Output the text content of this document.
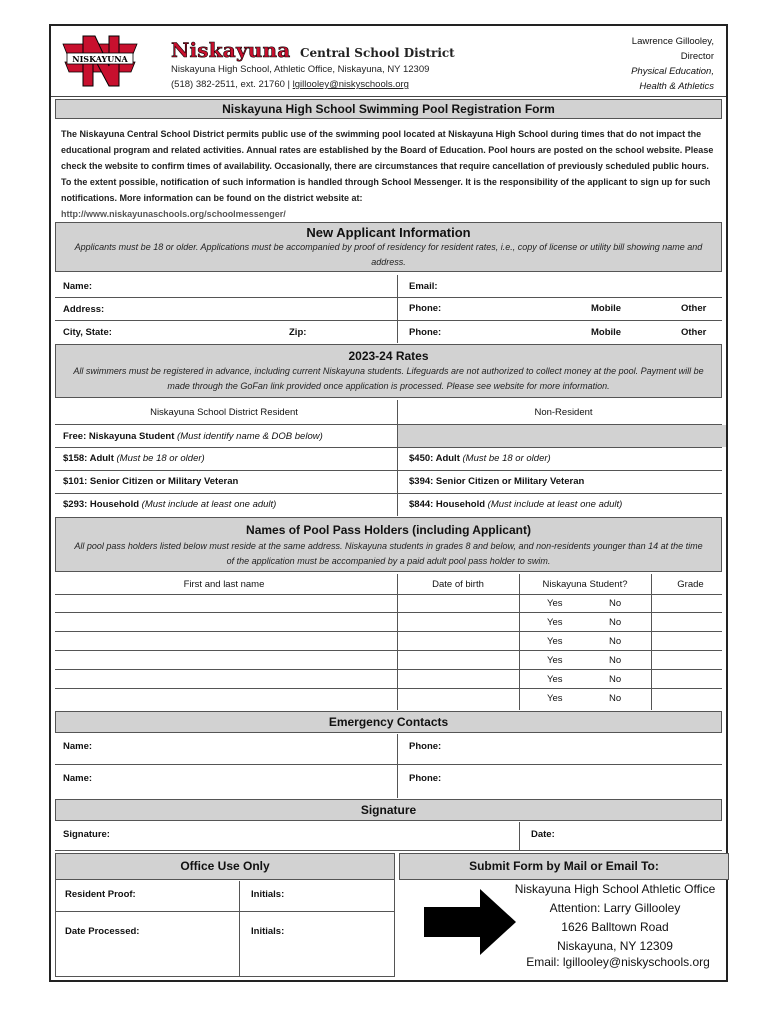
NISKAYUNA Niskayuna Central School District
Niskayuna High School, Athletic Office, Niskayuna, NY 12309
(518) 382-2511, ext. 21760 | lgillooley@niskyschools.org
Lawrence Gillooley,
Director
Physical Education,
Health & Athletics
Niskayuna High School Swimming Pool Registration Form
The Niskayuna Central School District permits public use of the swimming pool located at Niskayuna High School during times that do not impact the educational program and related activities. Annual rates are established by the Board of Education. Pool hours are posted on the school website. Please check the website to confirm times of availability. Occasionally, there are circumstances that require cancellation of previously scheduled public hours. To the extent possible, notification of such information is handled through School Messenger. It is the responsibility of the applicant to sign up for such notifications. More information can be found on the district website at:
http://www.niskayunaschools.org/schoolmessenger/
New Applicant Information
Applicants must be 18 or older. Applications must be accompanied by proof of residency for resident rates, i.e., copy of license or utility bill showing name and address.
Name:	Email:
Address:	Phone:	Mobile	Other
City, State:	Zip:	Phone:	Mobile	Other
2023-24 Rates
All swimmers must be registered in advance, including current Niskayuna students. Lifeguards are not authorized to collect money at the pool. Payment will be made through the GoFan link provided once application is processed. Please see website for more information.
Niskayuna School District Resident	Non-Resident
Free: Niskayuna Student (Must identify name & DOB below)
$158: Adult (Must be 18 or older)	$450: Adult (Must be 18 or older)
$101: Senior Citizen or Military Veteran	$394: Senior Citizen or Military Veteran
$293: Household (Must include at least one adult)	$844: Household (Must include at least one adult)
Names of Pool Pass Holders (including Applicant)
All pool pass holders listed below must reside at the same address. Niskayuna students in grades 8 and below, and non-residents younger than 14 at the time of the application must be accompanied by a paid adult pool pass holder to swim.
First and last name	Date of birth	Niskayuna Student?	Grade
Yes	No
Yes	No
Yes	No
Yes	No
Yes	No
Yes	No
Emergency Contacts
Name:	Phone:
Name:	Phone:
Signature
Signature:	Date:
Office Use Only
Resident Proof:	Initials:
Date Processed:	Initials:
Submit Form by Mail or Email To:
Niskayuna High School Athletic Office
Attention: Larry Gillooley
1626 Balltown Road
Niskayuna, NY 12309
Email: lgillooley@niskyschools.org
